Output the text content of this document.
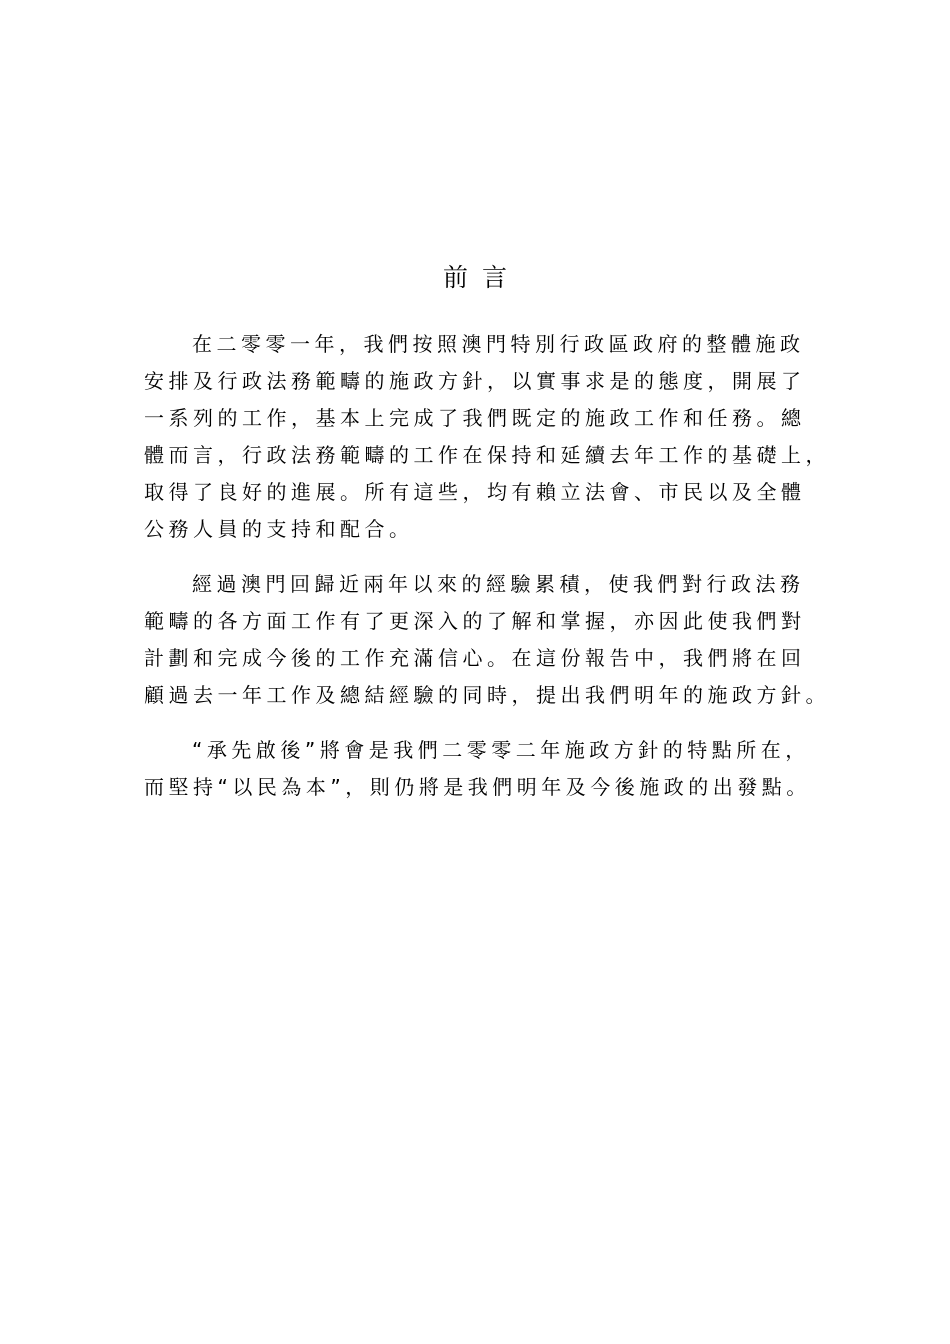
前言
在二零零一年，我們按照澳門特別行政區政府的整體施政
安排及行政法務範疇的施政方針，以實事求是的態度，開展了
一系列的工作，基本上完成了我們既定的施政工作和任務。總
體而言，行政法務範疇的工作在保持和延續去年工作的基礎上，
取得了良好的進展。所有這些，均有賴立法會、市民以及全體
公務人員的支持和配合。
經過澳門回歸近兩年以來的經驗累積，使我們對行政法務
範疇的各方面工作有了更深入的了解和掌握，亦因此使我們對
計劃和完成今後的工作充滿信心。在這份報告中，我們將在回
顧過去一年工作及總結經驗的同時，提出我們明年的施政方針。
“承先啟後”將會是我們二零零二年施政方針的特點所在，
而堅持“以民為本”，則仍將是我們明年及今後施政的出發點。
